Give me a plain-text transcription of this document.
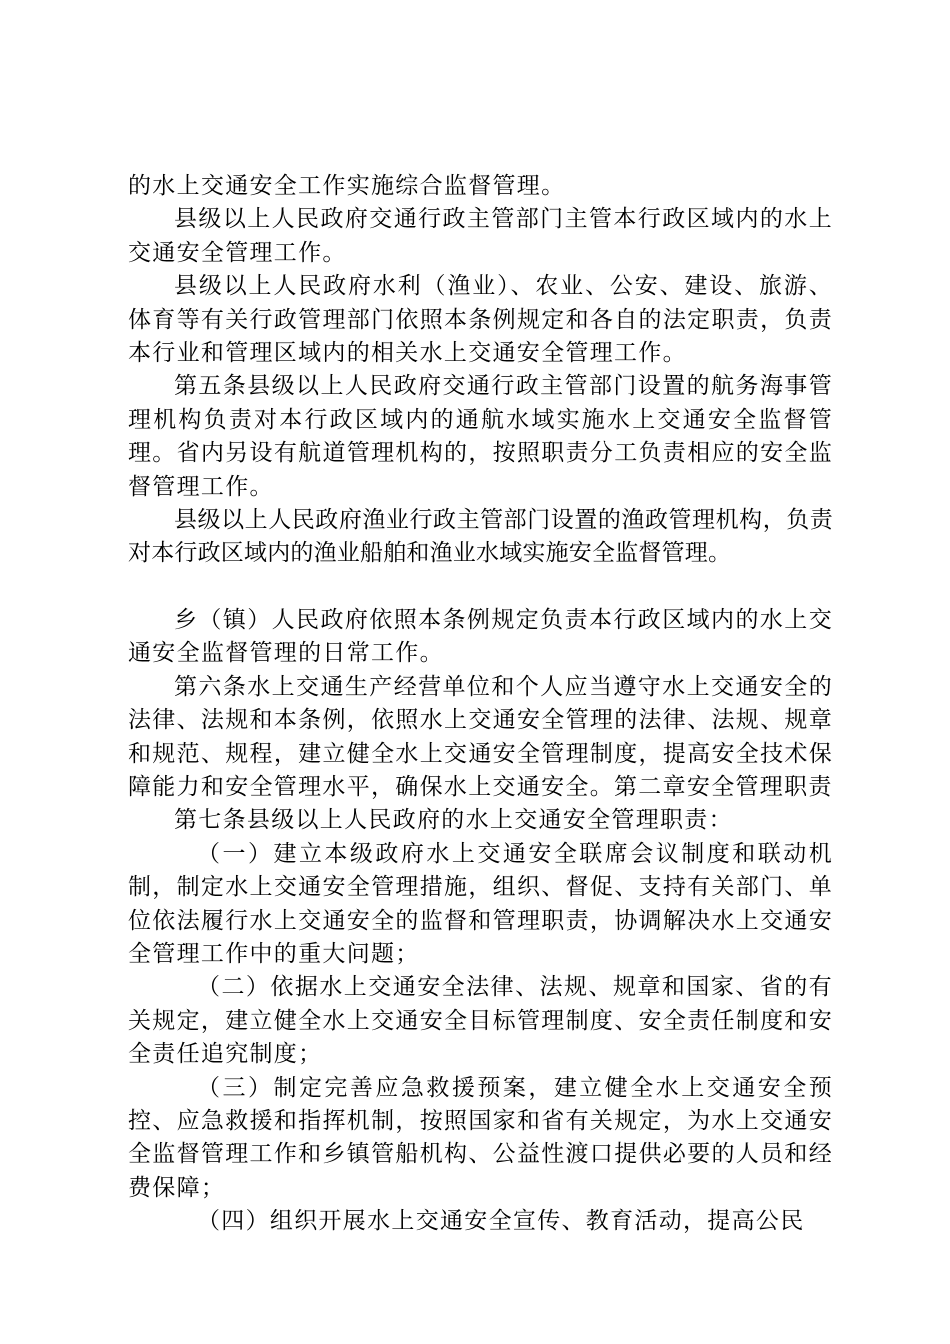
的水上交通安全工作实施综合监督管理。

县级以上人民政府交通行政主管部门主管本行政区域内的水上交通安全管理工作。

县级以上人民政府水利（渔业）、农业、公安、建设、旅游、体育等有关行政管理部门依照本条例规定和各自的法定职责，负责本行业和管理区域内的相关水上交通安全管理工作。

第五条县级以上人民政府交通行政主管部门设置的航务海事管理机构负责对本行政区域内的通航水域实施水上交通安全监督管理。省内另设有航道管理机构的，按照职责分工负责相应的安全监督管理工作。

县级以上人民政府渔业行政主管部门设置的渔政管理机构，负责对本行政区域内的渔业船舶和渔业水域实施安全监督管理。

乡（镇）人民政府依照本条例规定负责本行政区域内的水上交通安全监督管理的日常工作。

第六条水上交通生产经营单位和个人应当遵守水上交通安全的法律、法规和本条例，依照水上交通安全管理的法律、法规、规章和规范、规程，建立健全水上交通安全管理制度，提高安全技术保障能力和安全管理水平，确保水上交通安全。第二章安全管理职责

第七条县级以上人民政府的水上交通安全管理职责：

（一）建立本级政府水上交通安全联席会议制度和联动机制，制定水上交通安全管理措施，组织、督促、支持有关部门、单位依法履行水上交通安全的监督和管理职责，协调解决水上交通安全管理工作中的重大问题；

（二）依据水上交通安全法律、法规、规章和国家、省的有关规定，建立健全水上交通安全目标管理制度、安全责任制度和安全责任追究制度；

（三）制定完善应急救援预案，建立健全水上交通安全预控、应急救援和指挥机制，按照国家和省有关规定，为水上交通安全监督管理工作和乡镇管船机构、公益性渡口提供必要的人员和经费保障；

（四）组织开展水上交通安全宣传、教育活动，提高公民
